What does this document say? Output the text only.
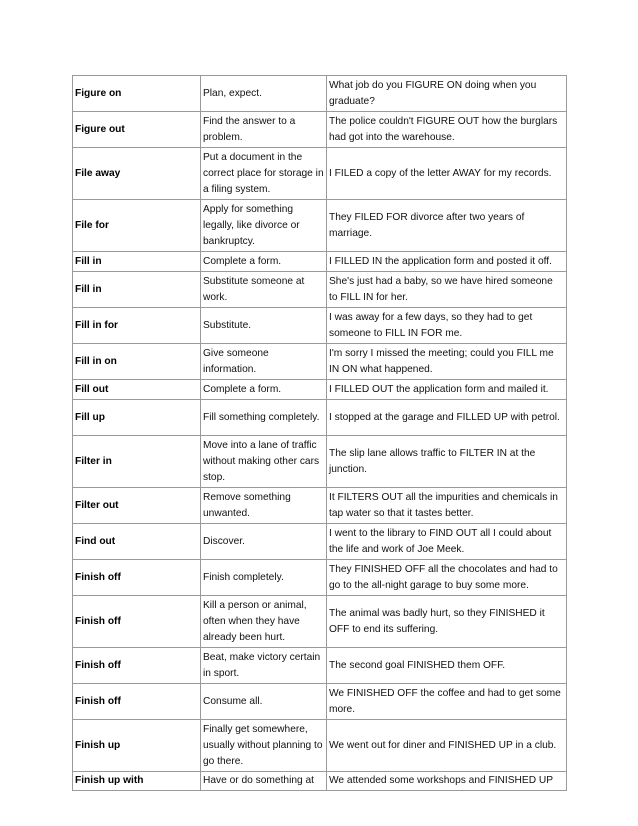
Figure on	Plan, expect.	What job do you FIGURE ON doing when you graduate?
Figure out	Find the answer to a problem.	The police couldn't FIGURE OUT how the burglars had got into the warehouse.
File away	Put a document in the correct place for storage in a filing system.	I FILED a copy of the letter AWAY for my records.
File for	Apply for something legally, like divorce or bankruptcy.	They FILED FOR divorce after two years of marriage.
Fill in	Complete a form.	I FILLED IN the application form and posted it off.
Fill in	Substitute someone at work.	She's just had a baby, so we have hired someone to FILL IN for her.
Fill in for	Substitute.	I was away for a few days, so they had to get someone to FILL IN FOR me.
Fill in on	Give someone information.	I'm sorry I missed the meeting; could you FILL me IN ON what happened.
Fill out	Complete a form.	I FILLED OUT the application form and mailed it.
Fill up	Fill something completely.	I stopped at the garage and FILLED UP with petrol.
Filter in	Move into a lane of traffic without making other cars stop.	The slip lane allows traffic to FILTER IN at the junction.
Filter out	Remove something unwanted.	It FILTERS OUT all the impurities and chemicals in tap water so that it tastes better.
Find out	Discover.	I went to the library to FIND OUT all I could about the life and work of Joe Meek.
Finish off	Finish completely.	They FINISHED OFF all the chocolates and had to go to the all-night garage to buy some more.
Finish off	Kill a person or animal, often when they have already been hurt.	The animal was badly hurt, so they FINISHED it OFF to end its suffering.
Finish off	Beat, make victory certain in sport.	The second goal FINISHED them OFF.
Finish off	Consume all.	We FINISHED OFF the coffee and had to get some more.
Finish up	Finally get somewhere, usually without planning to go there.	We went out for diner and FINISHED UP in a club.
Finish up with	Have or do something at	We attended some workshops and FINISHED UP
